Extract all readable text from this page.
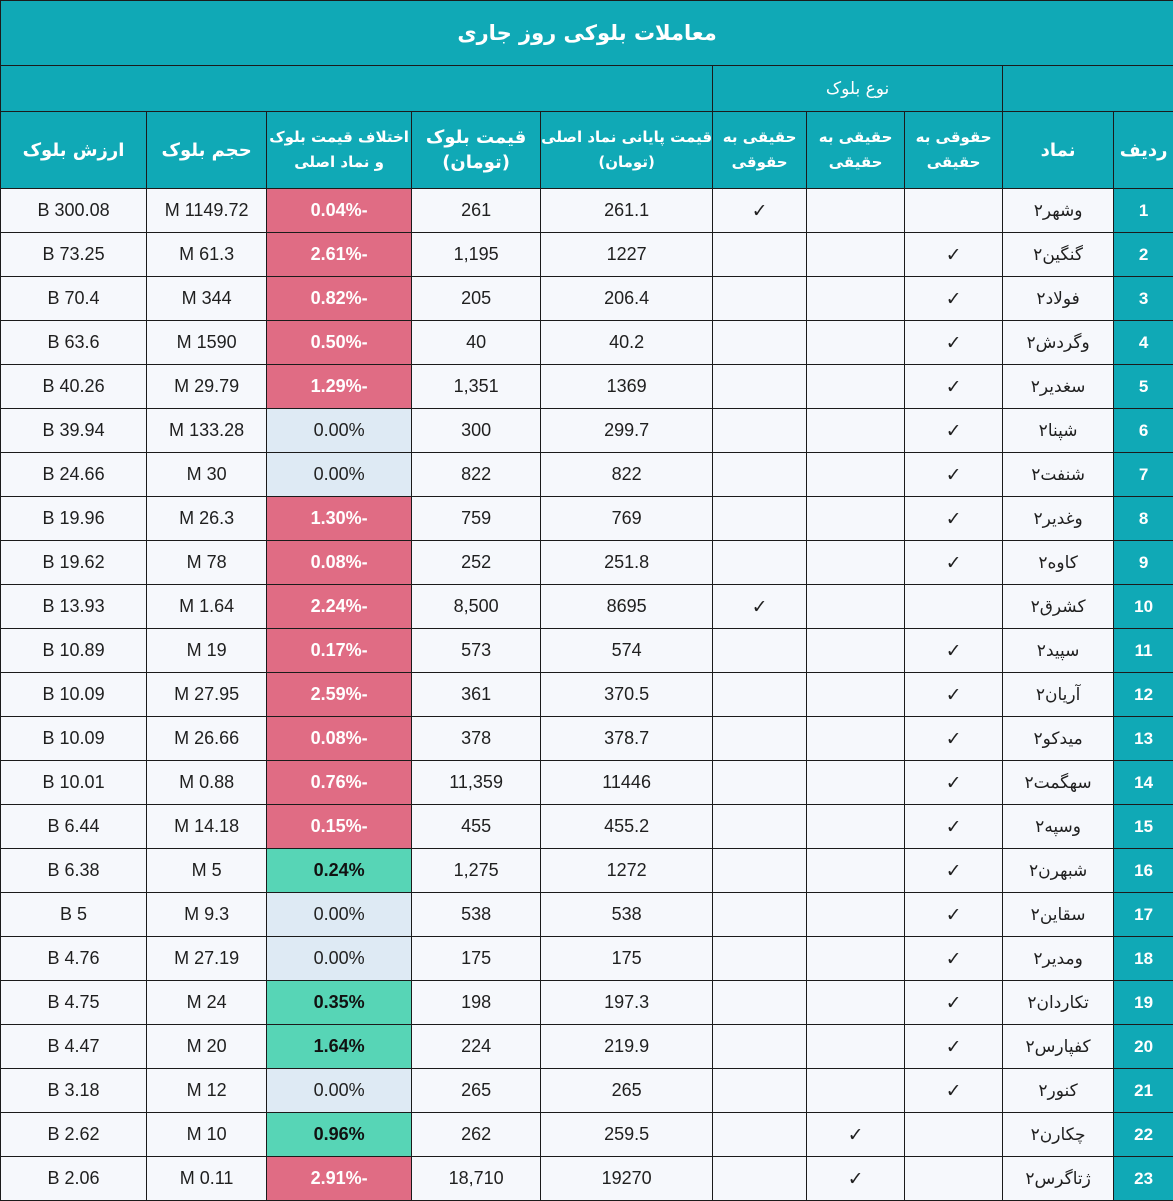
معاملات بلوکی روز جاری									
		نوع بلوک							
ردیف	نماد	حقوقی به حقیقی	حقیقی به حقیقی	حقیقی به حقوقی	قیمت پایانی نماد اصلی (تومان)	قیمت بلوک (تومان)	اختلاف قیمت بلوک و نماد اصلی	حجم بلوک	ارزش بلوک
1	وشهر۲			✓	261.1	261	-0.04%	1149.72 M	300.08 B
2	گنگین۲	✓			1227	1,195	-2.61%	61.3 M	73.25 B
3	فولاد۲	✓			206.4	205	-0.82%	344 M	70.4 B
4	وگردش۲	✓			40.2	40	-0.50%	1590 M	63.6 B
5	سغدیر۲	✓			1369	1,351	-1.29%	29.79 M	40.26 B
6	شپنا۲	✓			299.7	300	0.00%	133.28 M	39.94 B
7	شنفت۲	✓			822	822	0.00%	30 M	24.66 B
8	وغدیر۲	✓			769	759	-1.30%	26.3 M	19.96 B
9	کاوه۲	✓			251.8	252	-0.08%	78 M	19.62 B
10	کشرق۲			✓	8695	8,500	-2.24%	1.64 M	13.93 B
11	سپید۲	✓			574	573	-0.17%	19 M	10.89 B
12	آریان۲	✓			370.5	361	-2.59%	27.95 M	10.09 B
13	میدکو۲	✓			378.7	378	-0.08%	26.66 M	10.09 B
14	سهگمت۲	✓			11446	11,359	-0.76%	0.88 M	10.01 B
15	وسپه۲	✓			455.2	455	-0.15%	14.18 M	6.44 B
16	شبهرن۲	✓			1272	1,275	0.24%	5 M	6.38 B
17	سقاین۲	✓			538	538	0.00%	9.3 M	5 B
18	ومدیر۲	✓			175	175	0.00%	27.19 M	4.76 B
19	تکاردان۲	✓			197.3	198	0.35%	24 M	4.75 B
20	کفپارس۲	✓			219.9	224	1.64%	20 M	4.47 B
21	کنور۲	✓			265	265	0.00%	12 M	3.18 B
22	چکارن۲		✓		259.5	262	0.96%	10 M	2.62 B
23	ژتاگرس۲		✓		19270	18,710	-2.91%	0.11 M	2.06 B
